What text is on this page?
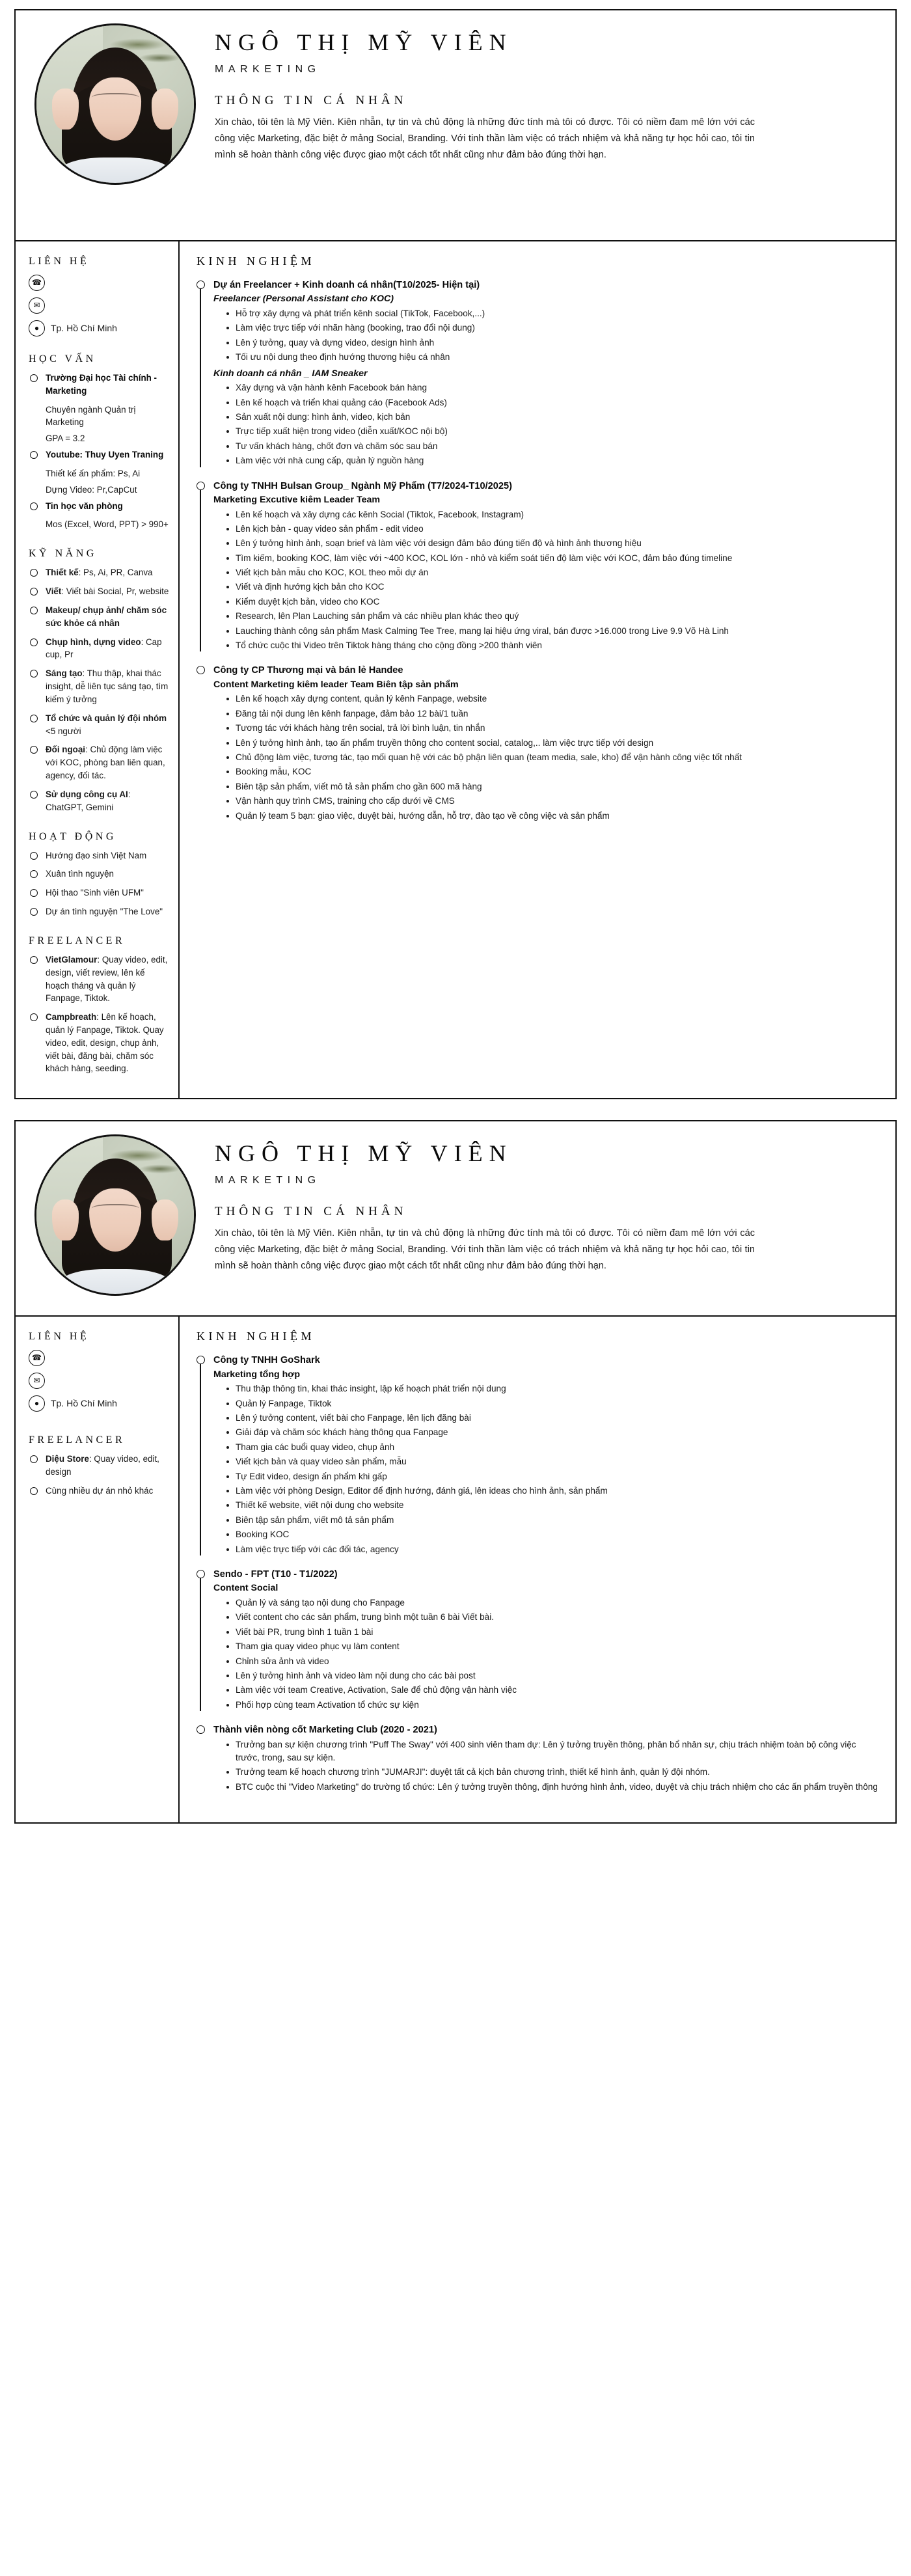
NGÔ THỊ MỸ VIÊN
MARKETING
THÔNG TIN CÁ NHÂN

Xin chào, tôi tên là Mỹ Viên. Kiên nhẫn, tự tin và chủ động là những đức tính mà tôi có được. Tôi có niềm đam mê lớn với các công việc Marketing, đặc biệt ở mảng Social, Branding. Với tinh thần làm việc có trách nhiệm và khả năng tự học hỏi cao, tôi tin mình sẽ hoàn thành công việc được giao một cách tốt nhất cũng như đảm bảo đúng thời hạn.

LIÊN HỆ
☎
✉
●	Tp. Hồ Chí Minh
HỌC VẤN
Trường Đại học Tài chính - Marketing
Chuyên ngành Quản trị Marketing
GPA = 3.2
Youtube: Thuy Uyen Traning
Thiết kế ấn phẩm: Ps, Ai
Dựng Video: Pr,CapCut
Tin học văn phòng
Mos (Excel, Word, PPT) > 990+
KỸ NĂNG
Thiết kế: Ps, Ai, PR, Canva
Viết: Viết bài Social, Pr, website
Makeup/ chụp ảnh/ chăm sóc sức khỏe cá nhân
Chụp hình, dựng video: Cap cup, Pr
Sáng tạo: Thu thập, khai thác insight, dễ liên tục sáng tạo, tìm kiếm ý tưởng
Tổ chức và quản lý đội nhóm <5 người
Đối ngoại: Chủ động làm việc với KOC, phòng ban liên quan, agency, đối tác.
Sử dụng công cụ AI: ChatGPT, Gemini
HOẠT ĐỘNG
Hướng đạo sinh Việt Nam
Xuân tình nguyện
Hội thao "Sinh viên UFM"
Dự án tình nguyện "The Love"
FREELANCER
VietGlamour: Quay video, edit, design, viết review, lên kế hoạch tháng và quản lý Fanpage, Tiktok.
Campbreath: Lên kế hoạch, quản lý Fanpage, Tiktok. Quay video, edit, design, chụp ảnh, viết bài, đăng bài, chăm sóc khách hàng, seeding.
KINH NGHIỆM
Dự án Freelancer + Kinh doanh cá nhân(T10/2025- Hiện tại)
Freelancer (Personal Assistant cho KOC)
Hỗ trợ xây dựng và phát triển kênh social (TikTok, Facebook,...)
Làm việc trực tiếp với nhãn hàng (booking, trao đổi nội dung)
Lên ý tưởng, quay và dựng video, design hình ảnh
Tối ưu nội dung theo định hướng thương hiệu cá nhân
Kinh doanh cá nhân _ IAM Sneaker
Xây dựng và vận hành kênh Facebook bán hàng
Lên kế hoạch và triển khai quảng cáo (Facebook Ads)
Sản xuất nội dung: hình ảnh, video, kịch bản
Trực tiếp xuất hiện trong video (diễn xuất/KOC nội bộ)
Tư vấn khách hàng, chốt đơn và chăm sóc sau bán
Làm việc với nhà cung cấp, quản lý nguồn hàng
Công ty TNHH Bulsan Group_ Ngành Mỹ Phẩm (T7/2024-T10/2025)
Marketing Excutive kiêm Leader Team
Lên kế hoạch và xây dựng các kênh Social (Tiktok, Facebook, Instagram)
Lên kịch bản - quay video sản phẩm - edit video
Lên ý tưởng hình ảnh, soạn brief và làm việc với design đảm bảo đúng tiến độ và hình ảnh thương hiệu
Tìm kiếm, booking KOC, làm việc với ~400 KOC, KOL lớn - nhỏ và kiểm soát tiến độ làm việc với KOC, đảm bảo đúng timeline
Viết kịch bản mẫu cho KOC, KOL theo mỗi dự án
Viết và định hướng kịch bản cho KOC
Kiểm duyệt kịch bản, video cho KOC
Research, lên Plan Lauching sản phẩm và các nhiều plan khác theo quý
Lauching thành công sản phẩm Mask Calming Tee Tree, mang lại hiệu ứng viral, bán được >16.000 trong Live 9.9 Võ Hà Linh
Tổ chức cuộc thi Video trên Tiktok hàng tháng cho cộng đồng >200 thành viên
Công ty CP Thương mại và bán lẻ Handee
Content Marketing kiêm leader Team Biên tập sản phẩm
Lên kế hoạch xây dựng content, quản lý kênh Fanpage, website
Đăng tải nội dung lên kênh fanpage, đảm bảo 12 bài/1 tuần
Tương tác với khách hàng trên social, trả lời bình luận, tin nhắn
Lên ý tưởng hình ảnh, tạo ấn phẩm truyền thông cho content social, catalog,.. làm việc trực tiếp với design
Chủ động làm việc, tương tác, tạo mối quan hệ với các bộ phận liên quan (team media, sale, kho) để vận hành công việc tốt nhất
Booking mẫu, KOC
Biên tập sản phẩm, viết mô tả sản phẩm cho gần 600 mã hàng
Vận hành quy trình CMS, training cho cấp dưới về CMS
Quản lý team 5 bạn: giao việc, duyệt bài, hướng dẫn, hỗ trợ, đào tạo về công việc và sản phẩm
NGÔ THỊ MỸ VIÊN
MARKETING
THÔNG TIN CÁ NHÂN

Xin chào, tôi tên là Mỹ Viên. Kiên nhẫn, tự tin và chủ động là những đức tính mà tôi có được. Tôi có niềm đam mê lớn với các công việc Marketing, đặc biệt ở mảng Social, Branding. Với tinh thần làm việc có trách nhiệm và khả năng tự học hỏi cao, tôi tin mình sẽ hoàn thành công việc được giao một cách tốt nhất cũng như đảm bảo đúng thời hạn.

LIÊN HỆ
☎
✉
●	Tp. Hồ Chí Minh
FREELANCER
Diệu Store: Quay video, edit, design
Cùng nhiều dự án nhỏ khác
KINH NGHIỆM
Công ty TNHH GoShark
Marketing tổng hợp
Thu thập thông tin, khai thác insight, lập kế hoạch phát triển nội dung
Quản lý Fanpage, Tiktok
Lên ý tưởng content, viết bài cho Fanpage, lên lịch đăng bài
Giải đáp và chăm sóc khách hàng thông qua Fanpage
Tham gia các buổi quay video, chụp ảnh
Viết kịch bản và quay video sản phẩm, mẫu
Tự Edit video, design ấn phẩm khi gấp
Làm việc với phòng Design, Editor để định hướng, đánh giá, lên ideas cho hình ảnh, sản phẩm
Thiết kế website, viết nội dung cho website
Biên tập sản phẩm, viết mô tả sản phẩm
Booking KOC
Làm việc trực tiếp với các đối tác, agency
Sendo - FPT (T10 - T1/2022)
Content Social
Quản lý và sáng tạo nội dung cho Fanpage
Viết content cho các sản phẩm, trung bình một tuần 6 bài Viết bài.
Viết bài PR, trung bình 1 tuần 1 bài
Tham gia quay video phục vụ làm content
Chỉnh sửa ảnh và video
Lên ý tưởng hình ảnh và video làm nội dung cho các bài post
Làm việc với team Creative, Activation, Sale để chủ động vận hành việc
Phối hợp cùng team Activation tổ chức sự kiện
Thành viên nòng cốt Marketing Club (2020 - 2021)
Trưởng ban sự kiện chương trình "Puff The Sway" với 400 sinh viên tham dự: Lên ý tưởng truyền thông, phân bổ nhân sự, chịu trách nhiệm toàn bộ công việc trước, trong, sau sự kiện.
Trưởng team kế hoạch chương trình "JUMARJI": duyệt tất cả kịch bản chương trình, thiết kế hình ảnh, quản lý đội nhóm.
BTC cuộc thi "Video Marketing" do trường tổ chức: Lên ý tưởng truyền thông, định hướng hình ảnh, video, duyệt và chịu trách nhiệm cho các ấn phẩm truyền thông
